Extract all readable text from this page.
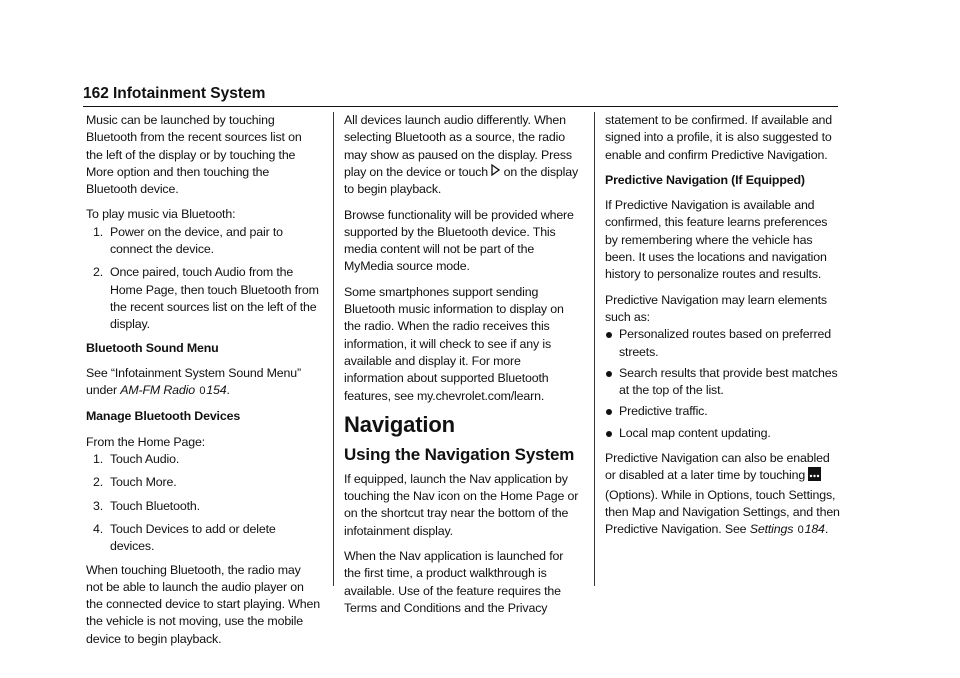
162 Infotainment System

Music can be launched by touching Bluetooth from the recent sources list on the left of the display or by touching the More option and then touching the Bluetooth device.

To play music via Bluetooth:

1. Power on the device, and pair to connect the device.
2. Once paired, touch Audio from the Home Page, then touch Bluetooth from the recent sources list on the left of the display.

Bluetooth Sound Menu

See “Infotainment System Sound Menu” under AM-FM Radio 0154.

Manage Bluetooth Devices

From the Home Page:

1. Touch Audio.
2. Touch More.
3. Touch Bluetooth.
4. Touch Devices to add or delete devices.

When touching Bluetooth, the radio may not be able to launch the audio player on the connected device to start playing. When the vehicle is not moving, use the mobile device to begin playback.

All devices launch audio differently. When selecting Bluetooth as a source, the radio may show as paused on the display. Press play on the device or touch on the display to begin playback.

Browse functionality will be provided where supported by the Bluetooth device. This media content will not be part of the MyMedia source mode.

Some smartphones support sending Bluetooth music information to display on the radio. When the radio receives this information, it will check to see if any is available and display it. For more information about supported Bluetooth features, see my.chevrolet.com/learn.

Navigation
Using the Navigation System

If equipped, launch the Nav application by touching the Nav icon on the Home Page or on the shortcut tray near the bottom of the infotainment display.

When the Nav application is launched for the first time, a product walkthrough is available. Use of the feature requires the Terms and Conditions and the Privacy

statement to be confirmed. If available and signed into a profile, it is also suggested to enable and confirm Predictive Navigation.

Predictive Navigation (If Equipped)

If Predictive Navigation is available and confirmed, this feature learns preferences by remembering where the vehicle has been. It uses the locations and navigation history to personalize routes and results.

Predictive Navigation may learn elements such as:

Personalized routes based on preferred streets.
Search results that provide best matches at the top of the list.
Predictive traffic.
Local map content updating.

Predictive Navigation can also be enabled or disabled at a later time by touching  (Options). While in Options, touch Settings, then Map and Navigation Settings, and then Predictive Navigation. See Settings 0184.
